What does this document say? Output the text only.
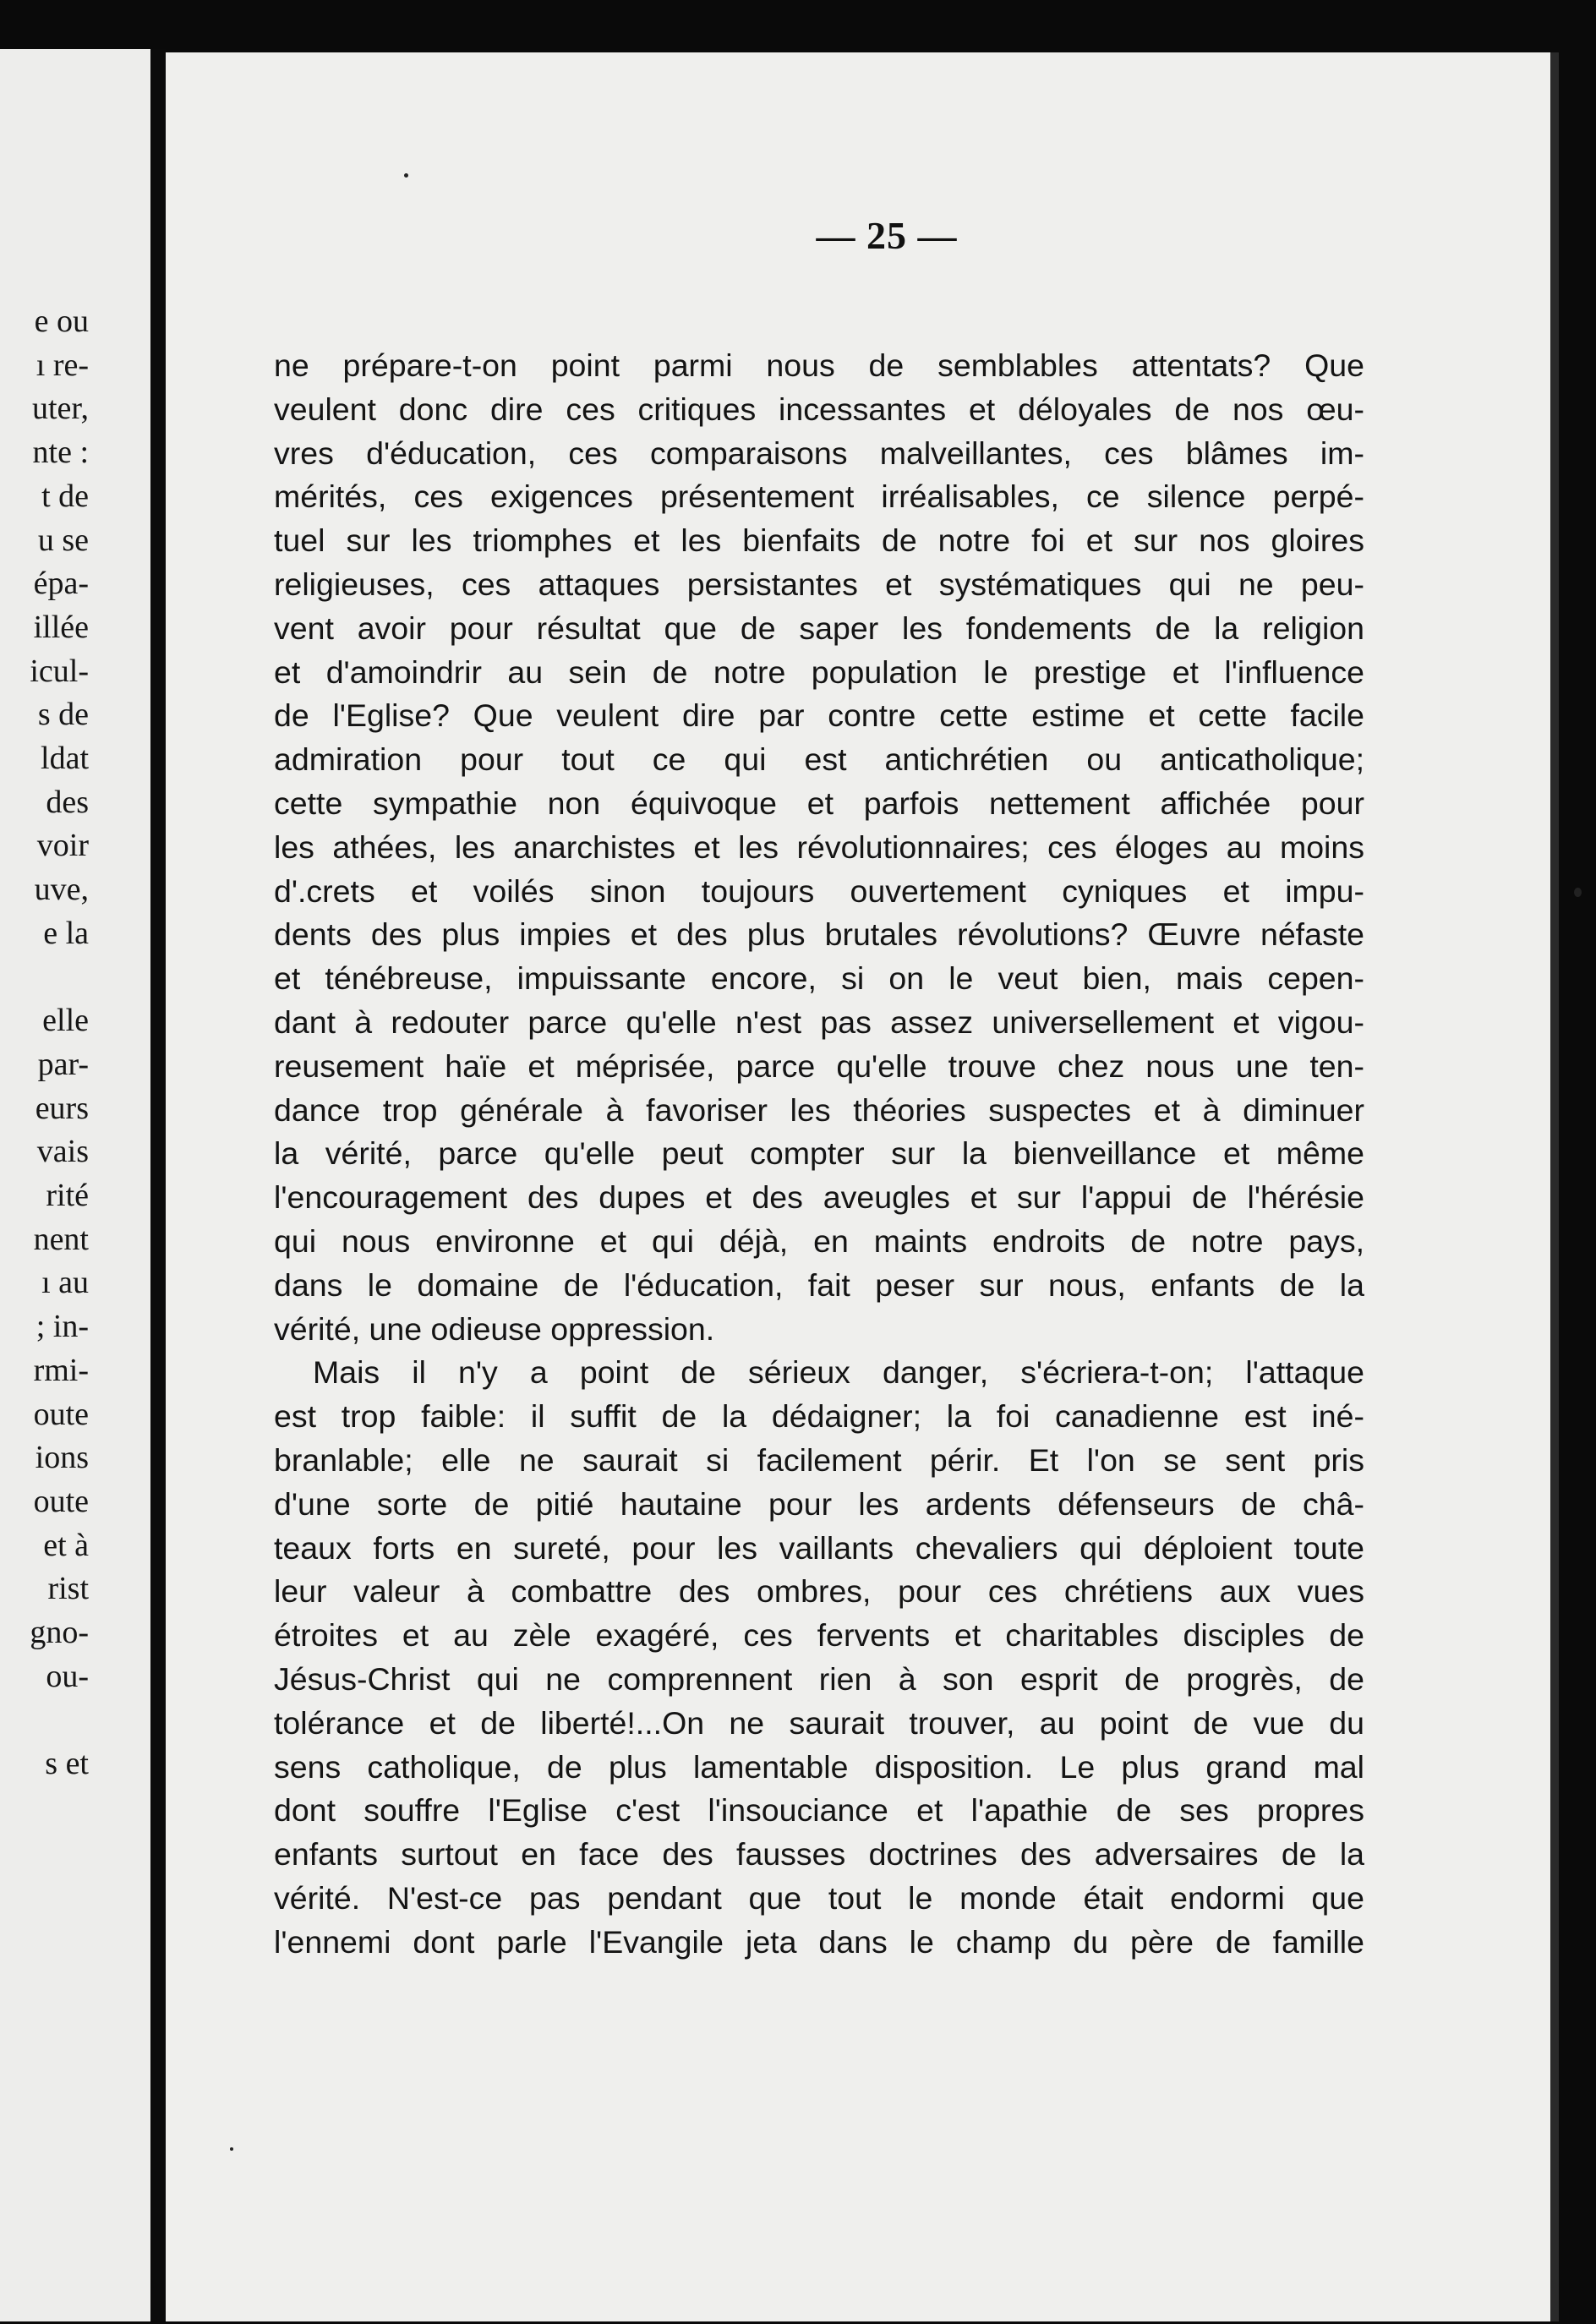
e ou
ı re-
uter,
nte :
t de
u se
épa-
illée
icul-
s de
ldat
des
voir
uve,
e la
elle
par-
eurs
vais
rité
nent
ı au
; in-
rmi-
oute
ions
oute
et à
rist
gno-
ou-
s et
— 25 —
ne prépare-t-on point parmi nous de semblables attentats? Que
veulent donc dire ces critiques incessantes et déloyales de nos œu-
vres d'éducation, ces comparaisons malveillantes, ces blâmes im-
mérités, ces exigences présentement irréalisables, ce silence perpé-
tuel sur les triomphes et les bienfaits de notre foi et sur nos gloires
religieuses, ces attaques persistantes et systématiques qui ne peu-
vent avoir pour résultat que de saper les fondements de la religion
et d'amoindrir au sein de notre population le prestige et l'influence
de l'Eglise? Que veulent dire par contre cette estime et cette facile
admiration pour tout ce qui est antichrétien ou anticatholique;
cette sympathie non équivoque et parfois nettement affichée pour
les athées, les anarchistes et les révolutionnaires; ces éloges au moins
d'.crets et voilés sinon toujours ouvertement cyniques et impu-
dents des plus impies et des plus brutales révolutions? Œuvre néfaste
et ténébreuse, impuissante encore, si on le veut bien, mais cepen-
dant à redouter parce qu'elle n'est pas assez universellement et vigou-
reusement haïe et méprisée, parce qu'elle trouve chez nous une ten-
dance trop générale à favoriser les théories suspectes et à diminuer
la vérité, parce qu'elle peut compter sur la bienveillance et même
l'encouragement des dupes et des aveugles et sur l'appui de l'hérésie
qui nous environne et qui déjà, en maints endroits de notre pays,
dans le domaine de l'éducation, fait peser sur nous, enfants de la
vérité, une odieuse oppression.
Mais il n'y a point de sérieux danger, s'écriera-t-on; l'attaque
est trop faible: il suffit de la dédaigner; la foi canadienne est iné-
branlable; elle ne saurait si facilement périr. Et l'on se sent pris
d'une sorte de pitié hautaine pour les ardents défenseurs de châ-
teaux forts en sureté, pour les vaillants chevaliers qui déploient toute
leur valeur à combattre des ombres, pour ces chrétiens aux vues
étroites et au zèle exagéré, ces fervents et charitables disciples de
Jésus-Christ qui ne comprennent rien à son esprit de progrès, de
tolérance et de liberté!...On ne saurait trouver, au point de vue du
sens catholique, de plus lamentable disposition. Le plus grand mal
dont souffre l'Eglise c'est l'insouciance et l'apathie de ses propres
enfants surtout en face des fausses doctrines des adversaires de la
vérité. N'est-ce pas pendant que tout le monde était endormi que
l'ennemi dont parle l'Evangile jeta dans le champ du père de famille
